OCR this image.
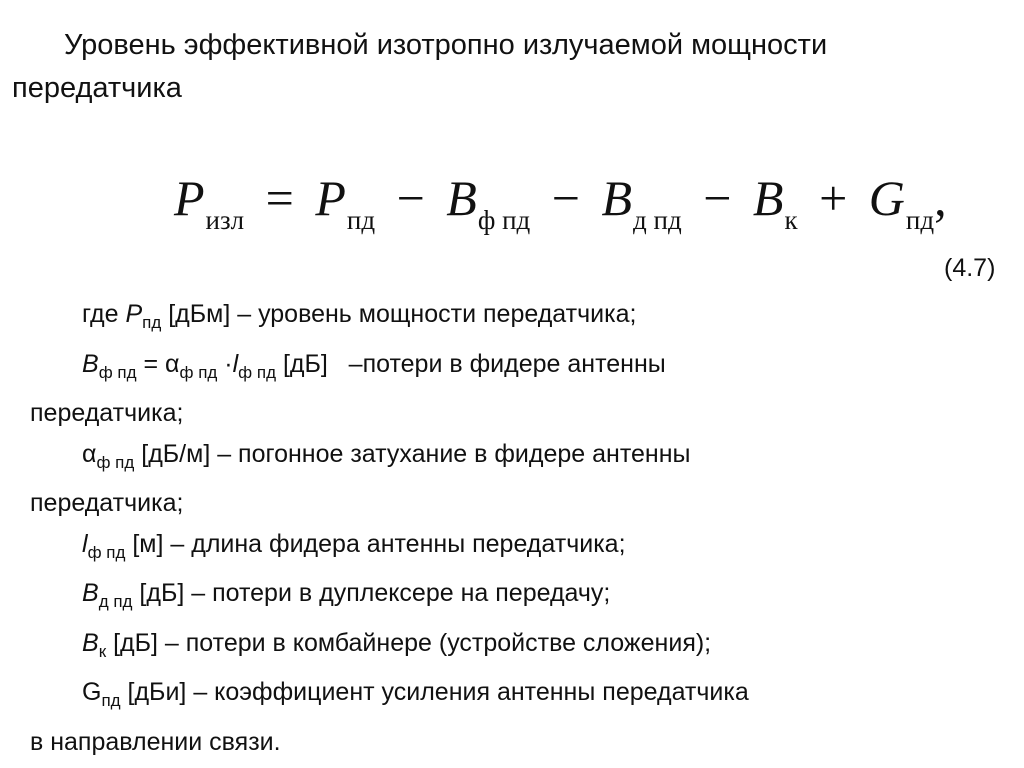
Уровень эффективной изотропно излучаемой мощности
передатчика
$P_{изл} = P_{пд} - B_{ф пд} - B_{д пд} - B_к + G_{пд}$,
(4.7)

где $P_{пд}$ [дБм] – уровень мощности передатчика;

$B_{ф пд} = \alpha_{ф пд} \cdot l_{ф пд}$ [дБ]   –потери в фидере антенны

передатчика;

$\alpha_{ф пд}$ [дБ/м] – погонное затухание в фидере антенны

передатчика;

$l_{ф пд}$ [м] – длина фидера антенны передатчика;

$B_{д пд}$ [дБ] – потери в дуплексере на передачу;

$B_к$ [дБ] – потери в комбайнере (устройстве сложения);

$G_{пд}$ [дБи] – коэффициент усиления антенны передатчика

в направлении связи.
